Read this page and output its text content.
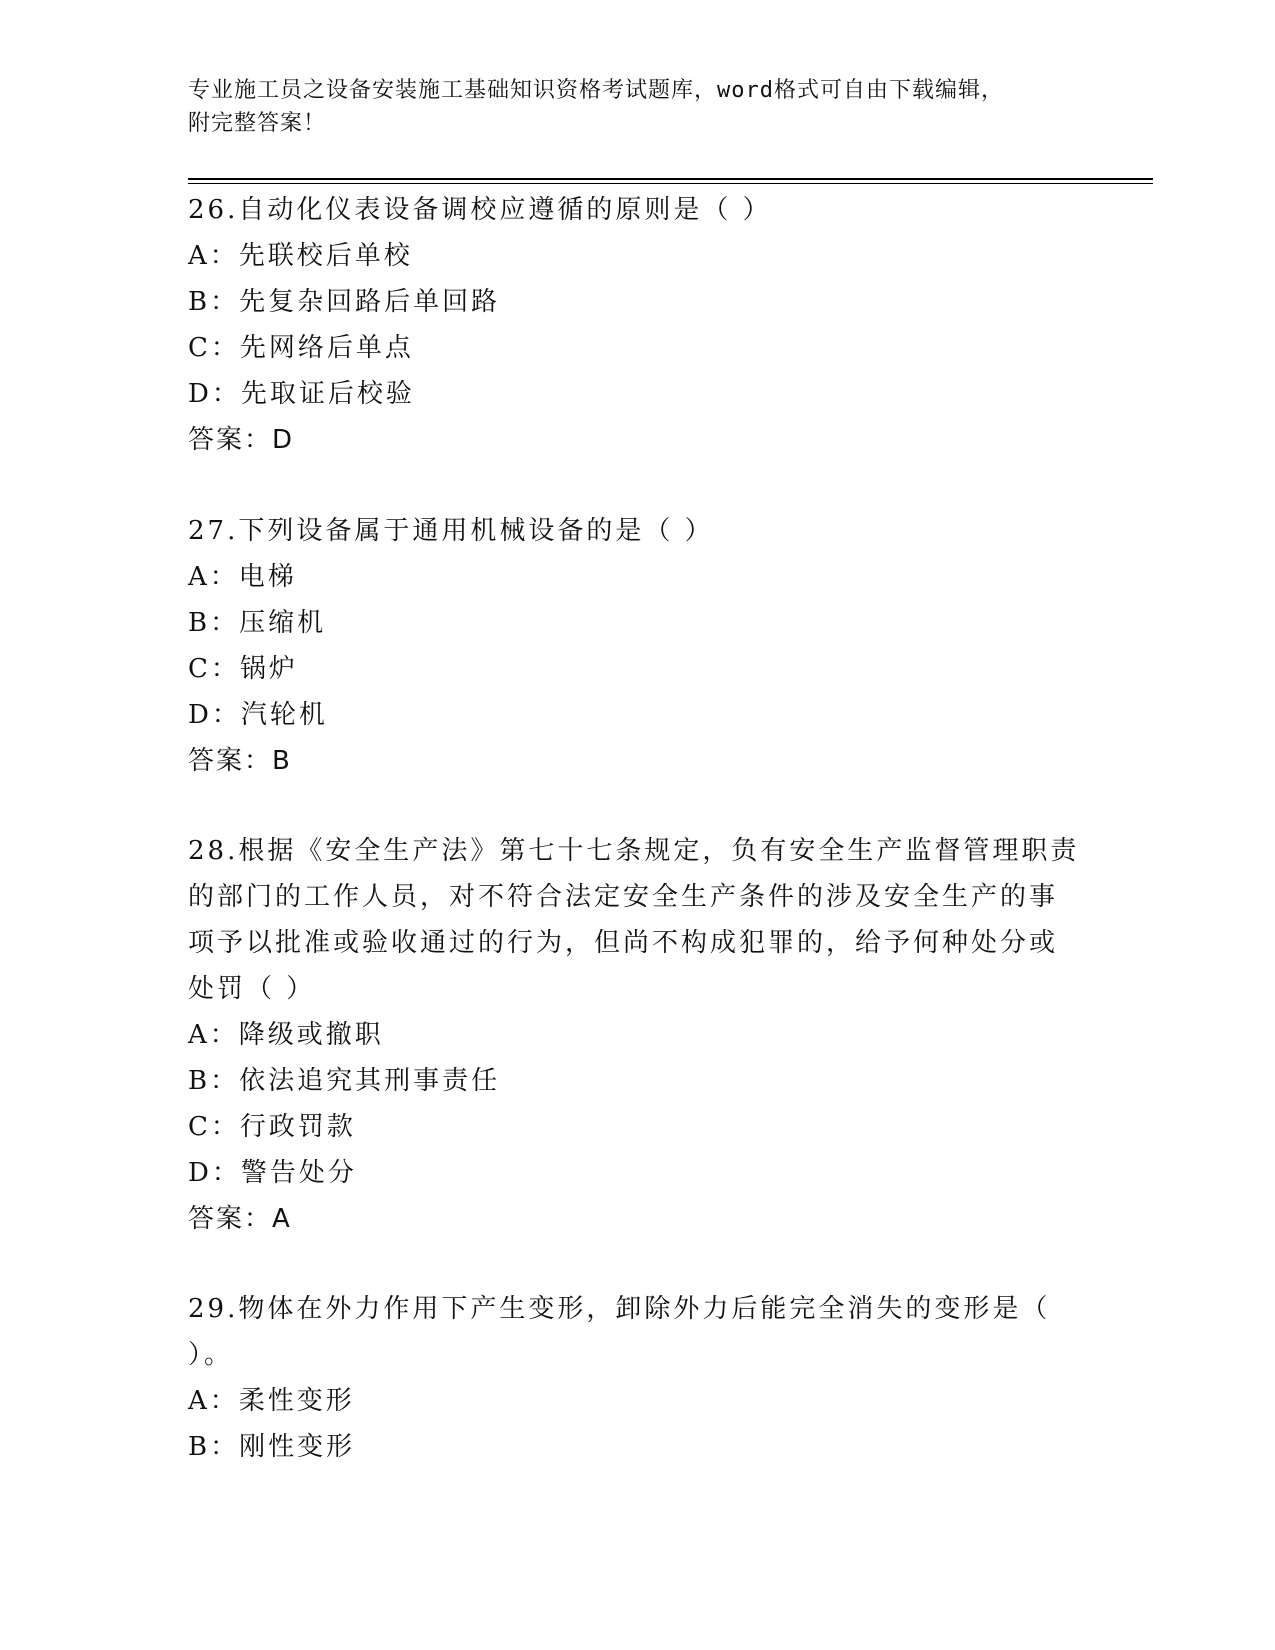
专业施工员之设备安装施工基础知识资格考试题库，word格式可自由下载编辑，
附完整答案！
26.自动化仪表设备调校应遵循的原则是（ ）
A：先联校后单校
B：先复杂回路后单回路
C：先网络后单点
D：先取证后校验
答案：D
27.下列设备属于通用机械设备的是（ ）
A：电梯
B：压缩机
C：锅炉
D：汽轮机
答案：B
28.根据《安全生产法》第七十七条规定，负有安全生产监督管理职责
的部门的工作人员，对不符合法定安全生产条件的涉及安全生产的事
项予以批准或验收通过的行为，但尚不构成犯罪的，给予何种处分或
处罚（ ）
A：降级或撤职
B：依法追究其刑事责任
C：行政罚款
D：警告处分
答案：A
29.物体在外力作用下产生变形，卸除外力后能完全消失的变形是（
）。
A：柔性变形
B：刚性变形
